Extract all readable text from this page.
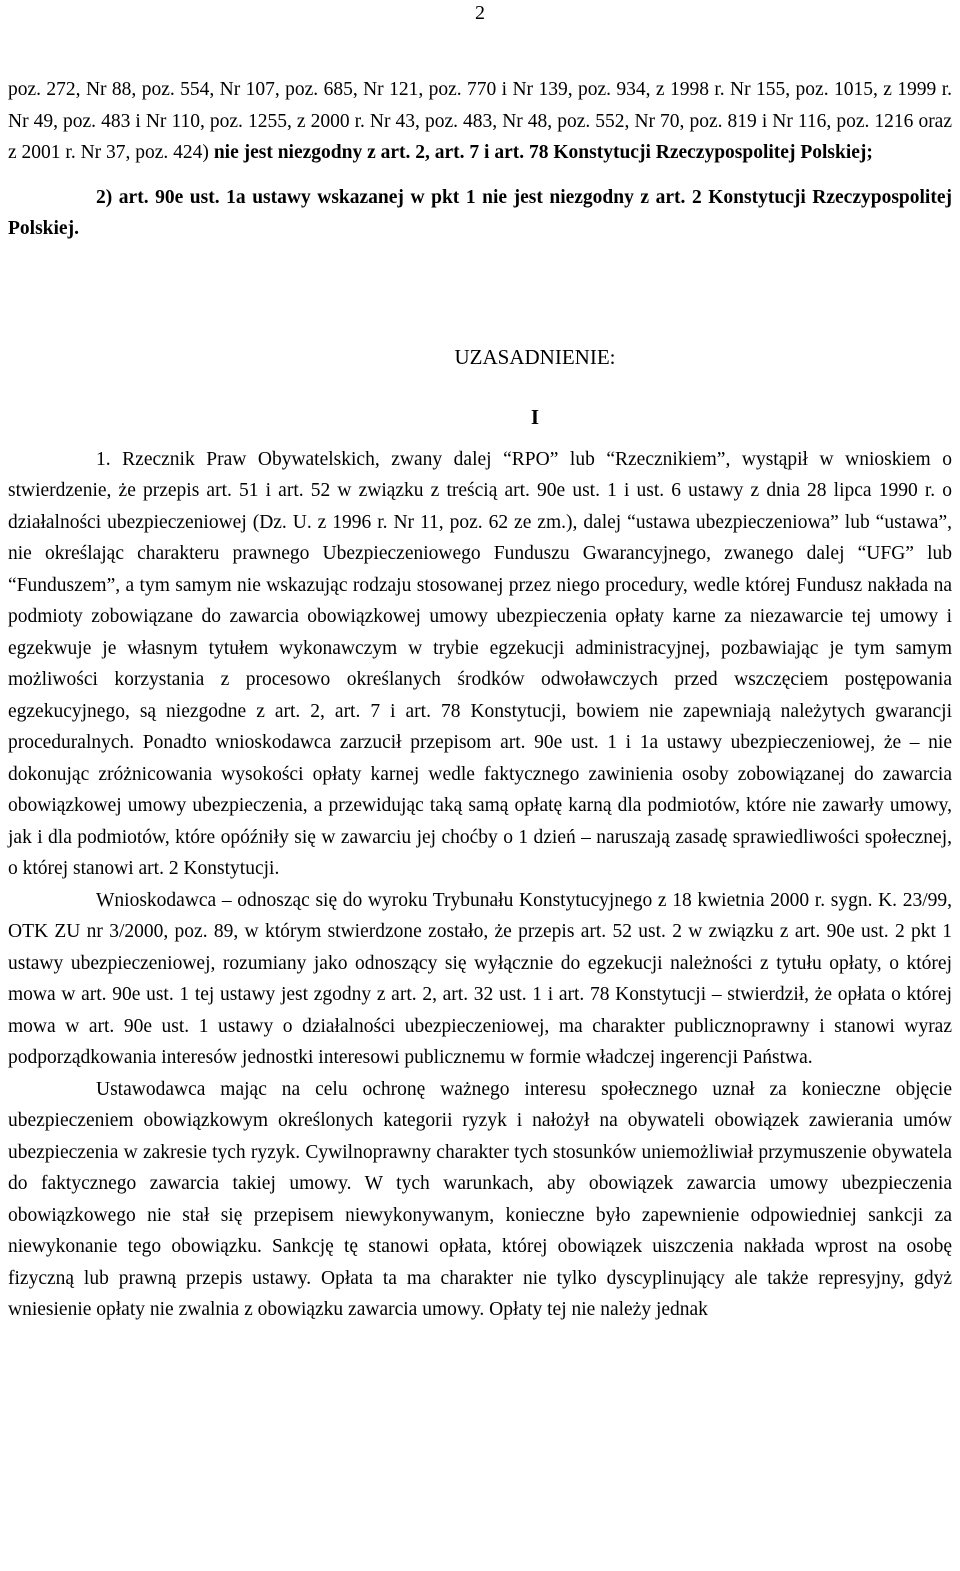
2

poz. 272, Nr 88, poz. 554, Nr 107, poz. 685, Nr 121, poz. 770 i Nr 139, poz. 934, z 1998 r. Nr 155, poz. 1015, z 1999 r. Nr 49, poz. 483 i Nr 110, poz. 1255, z 2000 r. Nr 43, poz. 483, Nr 48, poz. 552, Nr 70, poz. 819 i Nr 116, poz. 1216 oraz z 2001 r. Nr 37, poz. 424) nie jest niezgodny z art. 2, art. 7 i art. 78 Konstytucji Rzeczypospolitej Polskiej;

2) art. 90e ust. 1a ustawy wskazanej w pkt 1 nie jest niezgodny z art. 2 Konstytucji Rzeczypospolitej Polskiej.

UZASADNIENIE:

I

1. Rzecznik Praw Obywatelskich, zwany dalej “RPO” lub “Rzecznikiem”, wystąpił w wnioskiem o stwierdzenie, że przepis art. 51 i art. 52 w związku z treścią art. 90e ust. 1 i ust. 6 ustawy z dnia 28 lipca 1990 r. o działalności ubezpieczeniowej (Dz. U. z 1996 r. Nr 11, poz. 62 ze zm.), dalej “ustawa ubezpieczeniowa” lub “ustawa”, nie określając charakteru prawnego Ubezpieczeniowego Funduszu Gwarancyjnego, zwanego dalej “UFG” lub “Funduszem”, a tym samym nie wskazując rodzaju stosowanej przez niego procedury, wedle której Fundusz nakłada na podmioty zobowiązane do zawarcia obowiązkowej umowy ubezpieczenia opłaty karne za niezawarcie tej umowy i egzekwuje je własnym tytułem wykonawczym w trybie egzekucji administracyjnej, pozbawiając je tym samym możliwości korzystania z procesowo określanych środków odwoławczych przed wszczęciem postępowania egzekucyjnego, są niezgodne z art. 2, art. 7 i art. 78 Konstytucji, bowiem nie zapewniają należytych gwarancji proceduralnych. Ponadto wnioskodawca zarzucił przepisom art. 90e ust. 1 i 1a ustawy ubezpieczeniowej, że – nie dokonując zróżnicowania wysokości opłaty karnej wedle faktycznego zawinienia osoby zobowiązanej do zawarcia obowiązkowej umowy ubezpieczenia, a przewidując taką samą opłatę karną dla podmiotów, które nie zawarły umowy, jak i dla podmiotów, które opóźniły się w zawarciu jej choćby o 1 dzień – naruszają zasadę sprawiedliwości społecznej, o której stanowi art. 2 Konstytucji.

Wnioskodawca – odnosząc się do wyroku Trybunału Konstytucyjnego z 18 kwietnia 2000 r. sygn. K. 23/99, OTK ZU nr 3/2000, poz. 89, w którym stwierdzone zostało, że przepis art. 52 ust. 2 w związku z art. 90e ust. 2 pkt 1 ustawy ubezpieczeniowej, rozumiany jako odnoszący się wyłącznie do egzekucji należności z tytułu opłaty, o której mowa w art. 90e ust. 1 tej ustawy jest zgodny z art. 2, art. 32 ust. 1 i art. 78 Konstytucji – stwierdził, że opłata o której mowa w art. 90e ust. 1 ustawy o działalności ubezpieczeniowej, ma charakter publicznoprawny i stanowi wyraz podporządkowania interesów jednostki interesowi publicznemu w formie władczej ingerencji Państwa.

Ustawodawca mając na celu ochronę ważnego interesu społecznego uznał za konieczne objęcie ubezpieczeniem obowiązkowym określonych kategorii ryzyk i nałożył na obywateli obowiązek zawierania umów ubezpieczenia w zakresie tych ryzyk. Cywilnoprawny charakter tych stosunków uniemożliwiał przymuszenie obywatela do faktycznego zawarcia takiej umowy. W tych warunkach, aby obowiązek zawarcia umowy ubezpieczenia obowiązkowego nie stał się przepisem niewykonywanym, konieczne było zapewnienie odpowiedniej sankcji za niewykonanie tego obowiązku. Sankcję tę stanowi opłata, której obowiązek uiszczenia nakłada wprost na osobę fizyczną lub prawną przepis ustawy. Opłata ta ma charakter nie tylko dyscyplinujący ale także represyjny, gdyż wniesienie opłaty nie zwalnia z obowiązku zawarcia umowy. Opłaty tej nie należy jednak
